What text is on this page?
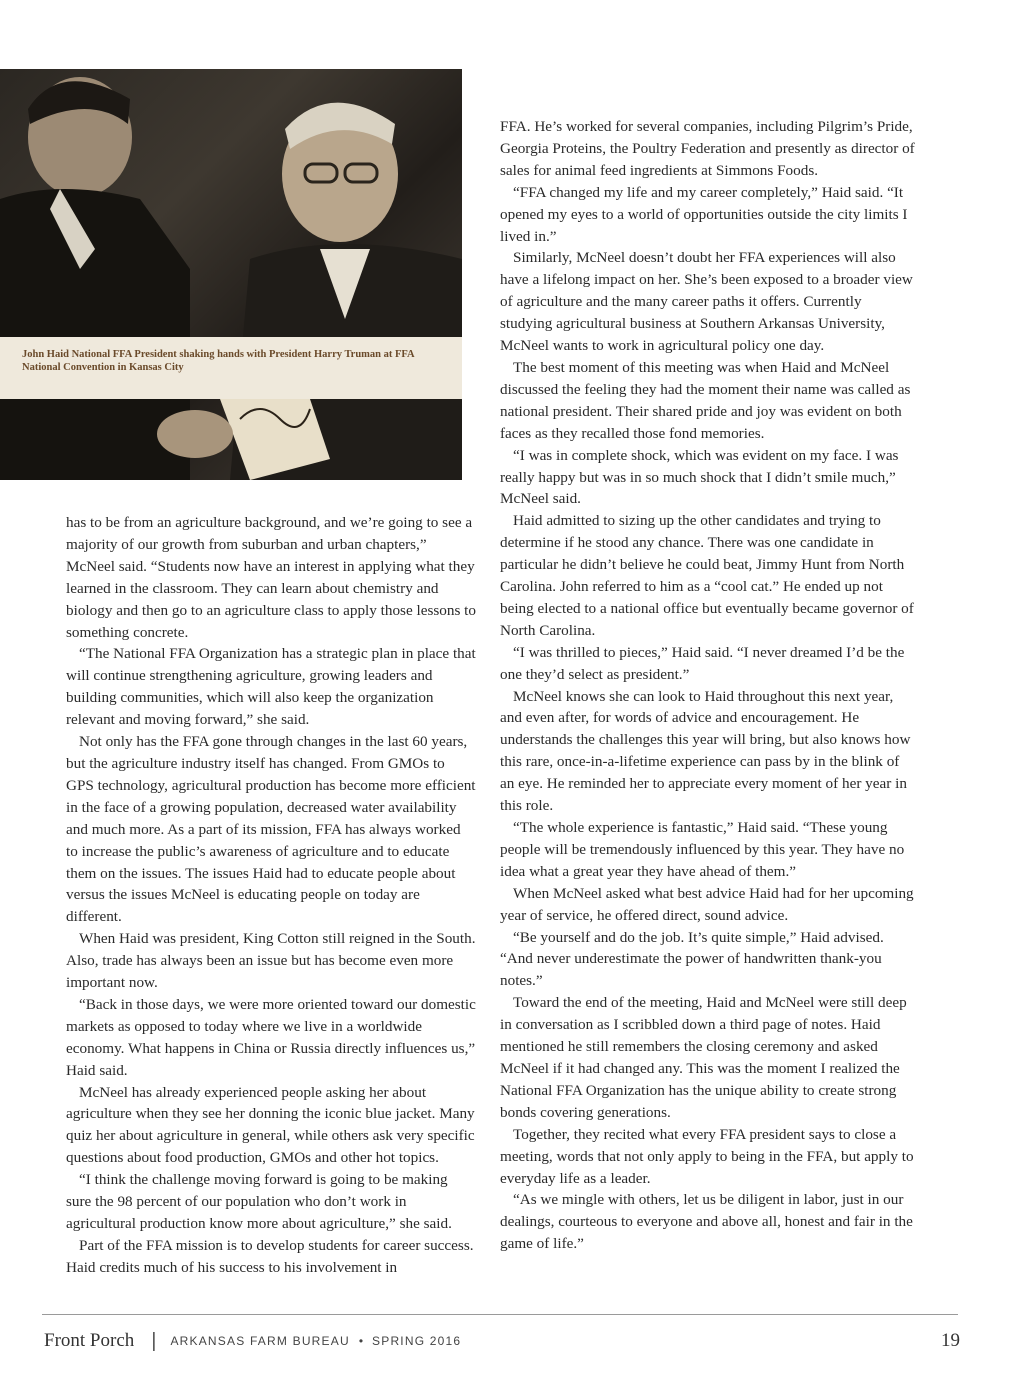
John Haid National FFA President shaking hands with President Harry Truman at FFA National Convention in Kansas City

has to be from an agriculture background, and we’re going to see a majority of our growth from suburban and urban chapters,” McNeel said. “Students now have an interest in applying what they learned in the classroom. They can learn about chemistry and biology and then go to an agriculture class to apply those lessons to something concrete.

“The National FFA Organization has a strategic plan in place that will continue strengthening agriculture, growing leaders and building communities, which will also keep the organization relevant and moving forward,” she said.

Not only has the FFA gone through changes in the last 60 years, but the agriculture industry itself has changed. From GMOs to GPS technology, agricultural production has become more efficient in the face of a growing population, decreased water availability and much more. As a part of its mission, FFA has always worked to increase the public’s awareness of agriculture and to educate them on the issues. The issues Haid had to educate people about versus the issues McNeel is educating people on today are different.

When Haid was president, King Cotton still reigned in the South. Also, trade has always been an issue but has become even more important now.

“Back in those days, we were more oriented toward our domestic markets as opposed to today where we live in a worldwide economy. What happens in China or Russia directly influences us,” Haid said.

McNeel has already experienced people asking her about agriculture when they see her donning the iconic blue jacket. Many quiz her about agriculture in general, while others ask very specific questions about food production, GMOs and other hot topics.

“I think the challenge moving forward is going to be making sure the 98 percent of our population who don’t work in agricultural production know more about agriculture,” she said.

Part of the FFA mission is to develop students for career success. Haid credits much of his success to his involvement in

FFA. He’s worked for several companies, including Pilgrim’s Pride, Georgia Proteins, the Poultry Federation and presently as director of sales for animal feed ingredients at Simmons Foods.

“FFA changed my life and my career completely,” Haid said. “It opened my eyes to a world of opportunities outside the city limits I lived in.”

Similarly, McNeel doesn’t doubt her FFA experiences will also have a lifelong impact on her. She’s been exposed to a broader view of agriculture and the many career paths it offers. Currently studying agricultural business at Southern Arkansas University, McNeel wants to work in agricultural policy one day.

The best moment of this meeting was when Haid and McNeel discussed the feeling they had the moment their name was called as national president. Their shared pride and joy was evident on both faces as they recalled those fond memories.

“I was in complete shock, which was evident on my face. I was really happy but was in so much shock that I didn’t smile much,” McNeel said.

Haid admitted to sizing up the other candidates and trying to determine if he stood any chance. There was one candidate in particular he didn’t believe he could beat, Jimmy Hunt from North Carolina. John referred to him as a “cool cat.” He ended up not being elected to a national office but eventually became governor of North Carolina.

“I was thrilled to pieces,” Haid said. “I never dreamed I’d be the one they’d select as president.”

McNeel knows she can look to Haid throughout this next year, and even after, for words of advice and encouragement. He understands the challenges this year will bring, but also knows how this rare, once-in-a-lifetime experience can pass by in the blink of an eye. He reminded her to appreciate every moment of her year in this role.

“The whole experience is fantastic,” Haid said. “These young people will be tremendously influenced by this year. They have no idea what a great year they have ahead of them.”

When McNeel asked what best advice Haid had for her upcoming year of service, he offered direct, sound advice.

“Be yourself and do the job. It’s quite simple,” Haid advised. “And never underestimate the power of handwritten thank-you notes.”

Toward the end of the meeting, Haid and McNeel were still deep in conversation as I scribbled down a third page of notes. Haid mentioned he still remembers the closing ceremony and asked McNeel if it had changed any. This was the moment I realized the National FFA Organization has the unique ability to create strong bonds covering generations.

Together, they recited what every FFA president says to close a meeting, words that not only apply to being in the FFA, but apply to everyday life as a leader.

“As we mingle with others, let us be diligent in labor, just in our dealings, courteous to everyone and above all, honest and fair in the game of life.”

Front Porch | ARKANSAS FARM BUREAU • SPRING 2016	19
